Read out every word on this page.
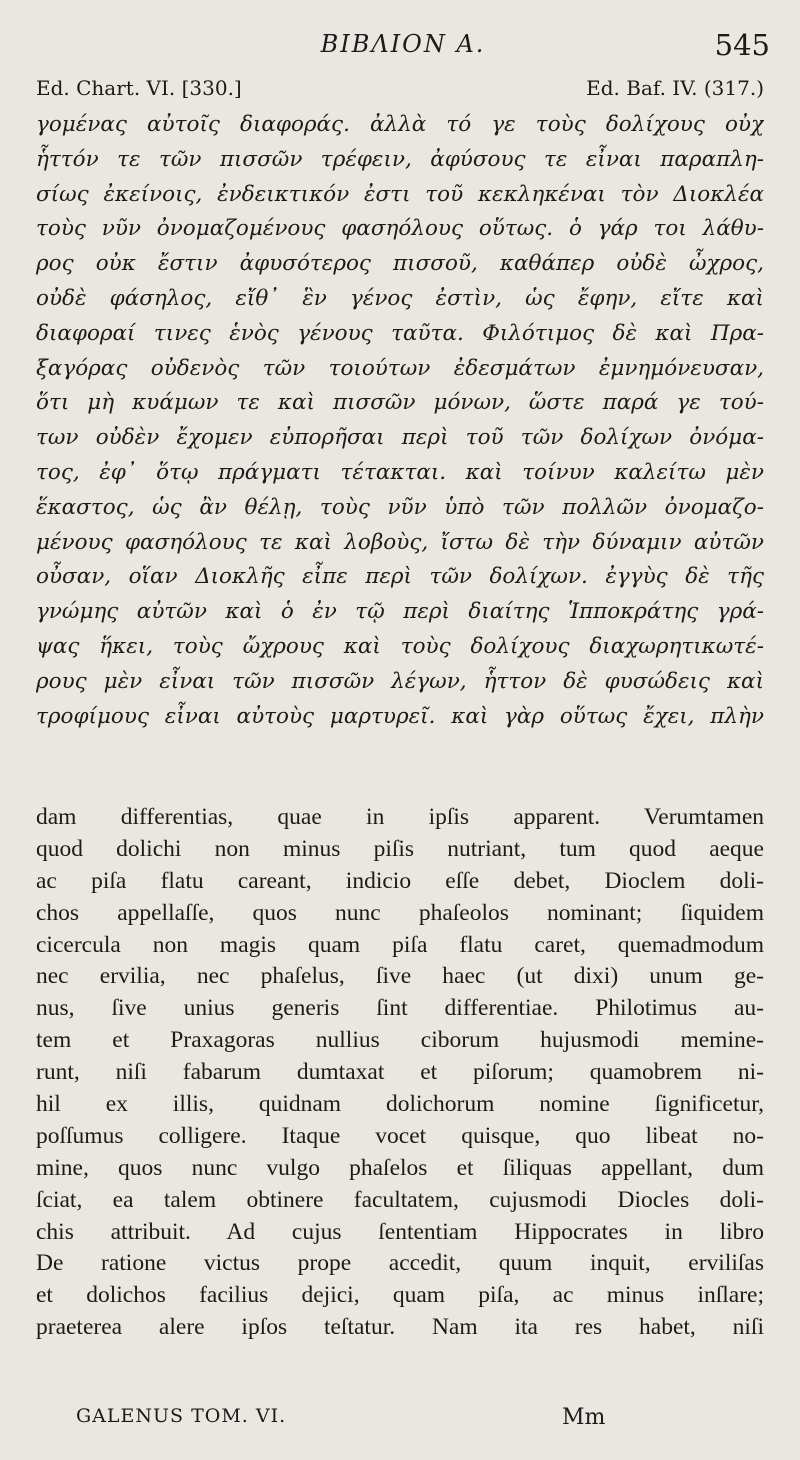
ΒΙΒΛΙΟΝ Α.	545
Ed. Chart. VI. [330.]	Ed. Baf. IV. (317.)
γομένας αὐτοῖς διαφοράς. ἀλλὰ τό γε τοὺς δολίχους οὐχ
ἧττόν τε τῶν πισσῶν τρέφειν, ἀφύσους τε εἶναι παραπλη-
σίως ἐκείνοις, ἐνδεικτικόν ἐστι τοῦ κεκληκέναι τὸν Διοκλέα
τοὺς νῦν ὀνομαζομένους φασηόλους οὕτως. ὁ γάρ τοι λάθυ-
ρος οὐκ ἔστιν ἀφυσότερος πισσοῦ, καθάπερ οὐδὲ ὦχρος,
οὐδὲ φάσηλος, εἴθ᾽ ἓν γένος ἐστὶν, ὡς ἔφην, εἴτε καὶ
διαφοραί τινες ἑνὸς γένους ταῦτα. Φιλότιμος δὲ καὶ Πρα-
ξαγόρας οὐδενὸς τῶν τοιούτων ἐδεσμάτων ἐμνημόνευσαν,
ὅτι μὴ κυάμων τε καὶ πισσῶν μόνων, ὥστε παρά γε τού-
των οὐδὲν ἔχομεν εὐπορῆσαι περὶ τοῦ τῶν δολίχων ὀνόμα-
τος, ἐφ᾽ ὅτῳ πράγματι τέτακται. καὶ τοίνυν καλείτω μὲν
ἕκαστος, ὡς ἂν θέλῃ, τοὺς νῦν ὑπὸ τῶν πολλῶν ὀνομαζο-
μένους φασηόλους τε καὶ λοβοὺς, ἴστω δὲ τὴν δύναμιν αὐτῶν
οὖσαν, οἵαν Διοκλῆς εἶπε περὶ τῶν δολίχων. ἐγγὺς δὲ τῆς
γνώμης αὐτῶν καὶ ὁ ἐν τῷ περὶ διαίτης Ἱπποκράτης γρά-
ψας ἥκει, τοὺς ὤχρους καὶ τοὺς δολίχους διαχωρητικωτέ-
ρους μὲν εἶναι τῶν πισσῶν λέγων, ἧττον δὲ φυσώδεις καὶ
τροφίμους εἶναι αὐτοὺς μαρτυρεῖ. καὶ γὰρ οὕτως ἔχει, πλὴν
dam differentias, quae in ipſis apparent. Verumtamen
quod dolichi non minus piſis nutriant, tum quod aeque
ac piſa flatu careant, indicio eſſe debet, Dioclem doli-
chos appellaſſe, quos nunc phaſeolos nominant; ſiquidem
cicercula non magis quam piſa flatu caret, quemadmodum
nec ervilia, nec phaſelus, ſive haec (ut dixi) unum ge-
nus, ſive unius generis ſint differentiae. Philotimus au-
tem et Praxagoras nullius ciborum hujusmodi memine-
runt, niſi fabarum dumtaxat et piſorum; quamobrem ni-
hil ex illis, quidnam dolichorum nomine ſignificetur,
poſſumus colligere. Itaque vocet quisque, quo libeat no-
mine, quos nunc vulgo phaſelos et ſiliquas appellant, dum
ſciat, ea talem obtinere facultatem, cujusmodi Diocles doli-
chis attribuit. Ad cujus ſententiam Hippocrates in libro
De ratione victus prope accedit, quum inquit, erviliſas
et dolichos facilius dejici, quam piſa, ac minus inſlare;
praeterea alere ipſos teſtatur. Nam ita res habet, niſi
GALENUS TOM. VI.	Mm
